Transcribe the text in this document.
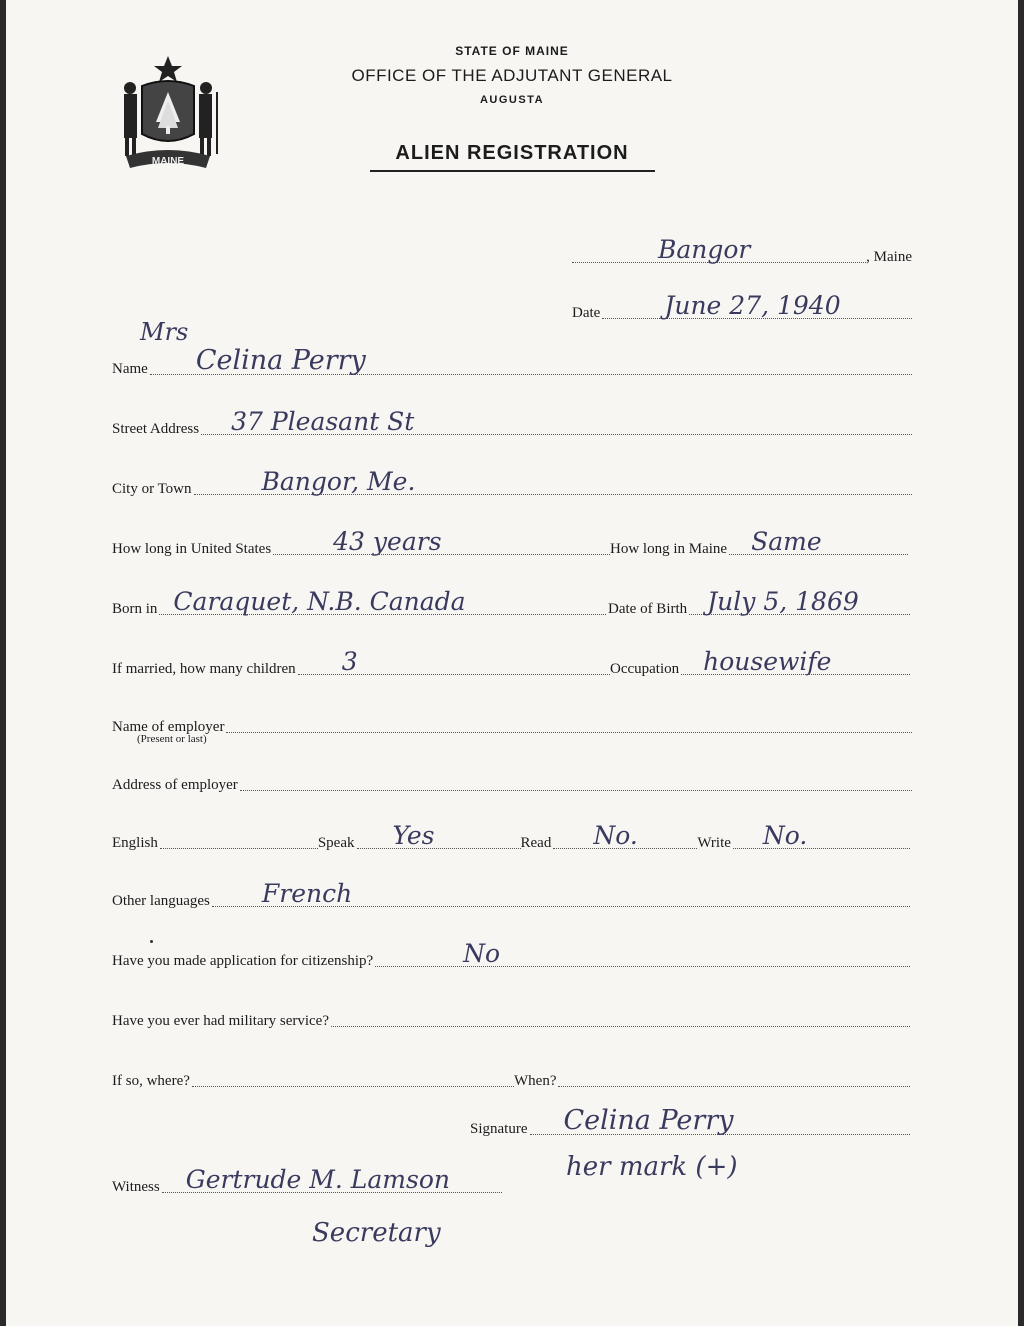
MAINE
STATE OF MAINE
OFFICE OF THE ADJUTANT GENERAL
AUGUSTA
ALIEN REGISTRATION
Bangor	, Maine
Date	June 27, 1940
Mrs
Name Celina Perry
Street Address 37 Pleasant St
City or Town	Bangor, Me.
How long in United States 43 years	How long in Maine Same
Born in Caraquet, N.B. Canada	Date of Birth July 5, 1869
If married, how many children 3	Occupation housewife
Name of employer
(Present or last)
Address of employer
English	Speak Yes	Read No.	Write No.
Other languages French
Have you made application for citizenship?	No
Have you ever had military service?
If so, where?	When?
Signature Celina Perry
her mark (+)
Witness Gertrude M. Lamson
Secretary
